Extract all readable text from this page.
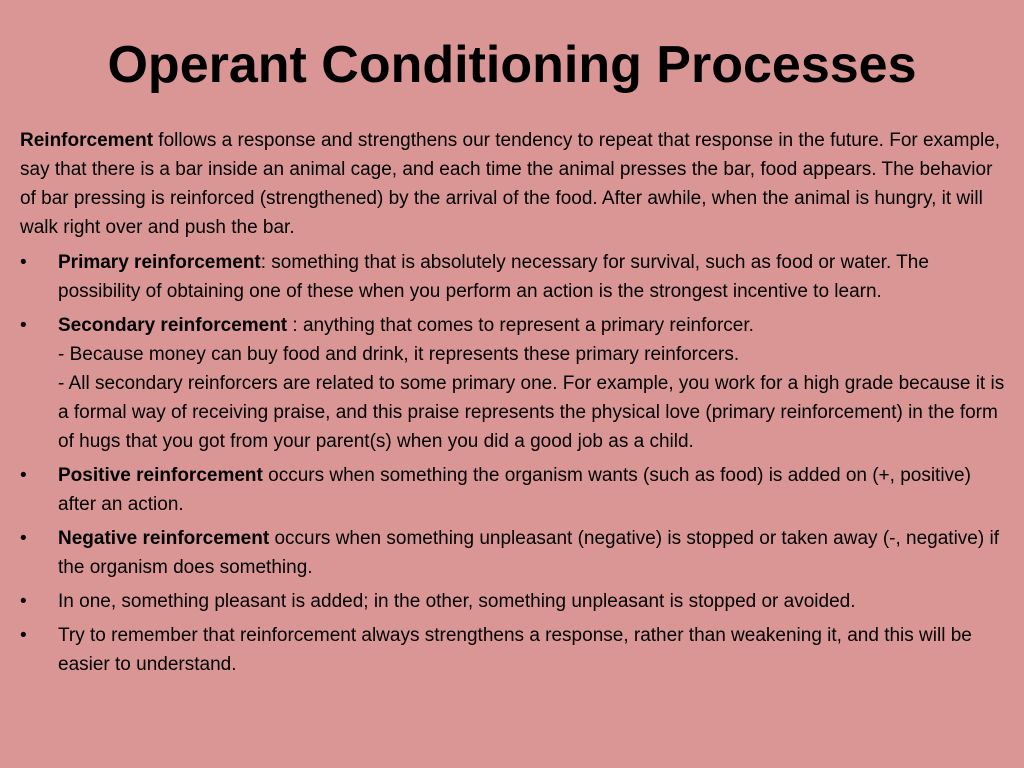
Operant Conditioning Processes

Reinforcement follows a response and strengthens our tendency to repeat that response in the future. For example, say that there is a bar inside an animal cage, and each time the animal presses the bar, food appears. The behavior of bar pressing is reinforced (strengthened) by the arrival of the food. After awhile, when the animal is hungry, it will walk right over and push the bar.

•	Primary reinforcement: something that is absolutely necessary for survival, such as food or water. The possibility of obtaining one of these when you perform an action is the strongest incentive to learn.
•	Secondary reinforcement : anything that comes to represent a primary reinforcer.
- Because money can buy food and drink, it represents these primary reinforcers.
- All secondary reinforcers are related to some primary one. For example, you work for a high grade because it is a formal way of receiving praise, and this praise represents the physical love (primary reinforcement) in the form of hugs that you got from your parent(s) when you did a good job as a child.
•	Positive reinforcement occurs when something the organism wants (such as food) is added on (+, positive) after an action.
•	Negative reinforcement occurs when something unpleasant (negative) is stopped or taken away (-, negative) if the organism does something.
•	In one, something pleasant is added; in the other, something unpleasant is stopped or avoided.
•	Try to remember that reinforcement always strengthens a response, rather than weakening it, and this will be easier to understand.
